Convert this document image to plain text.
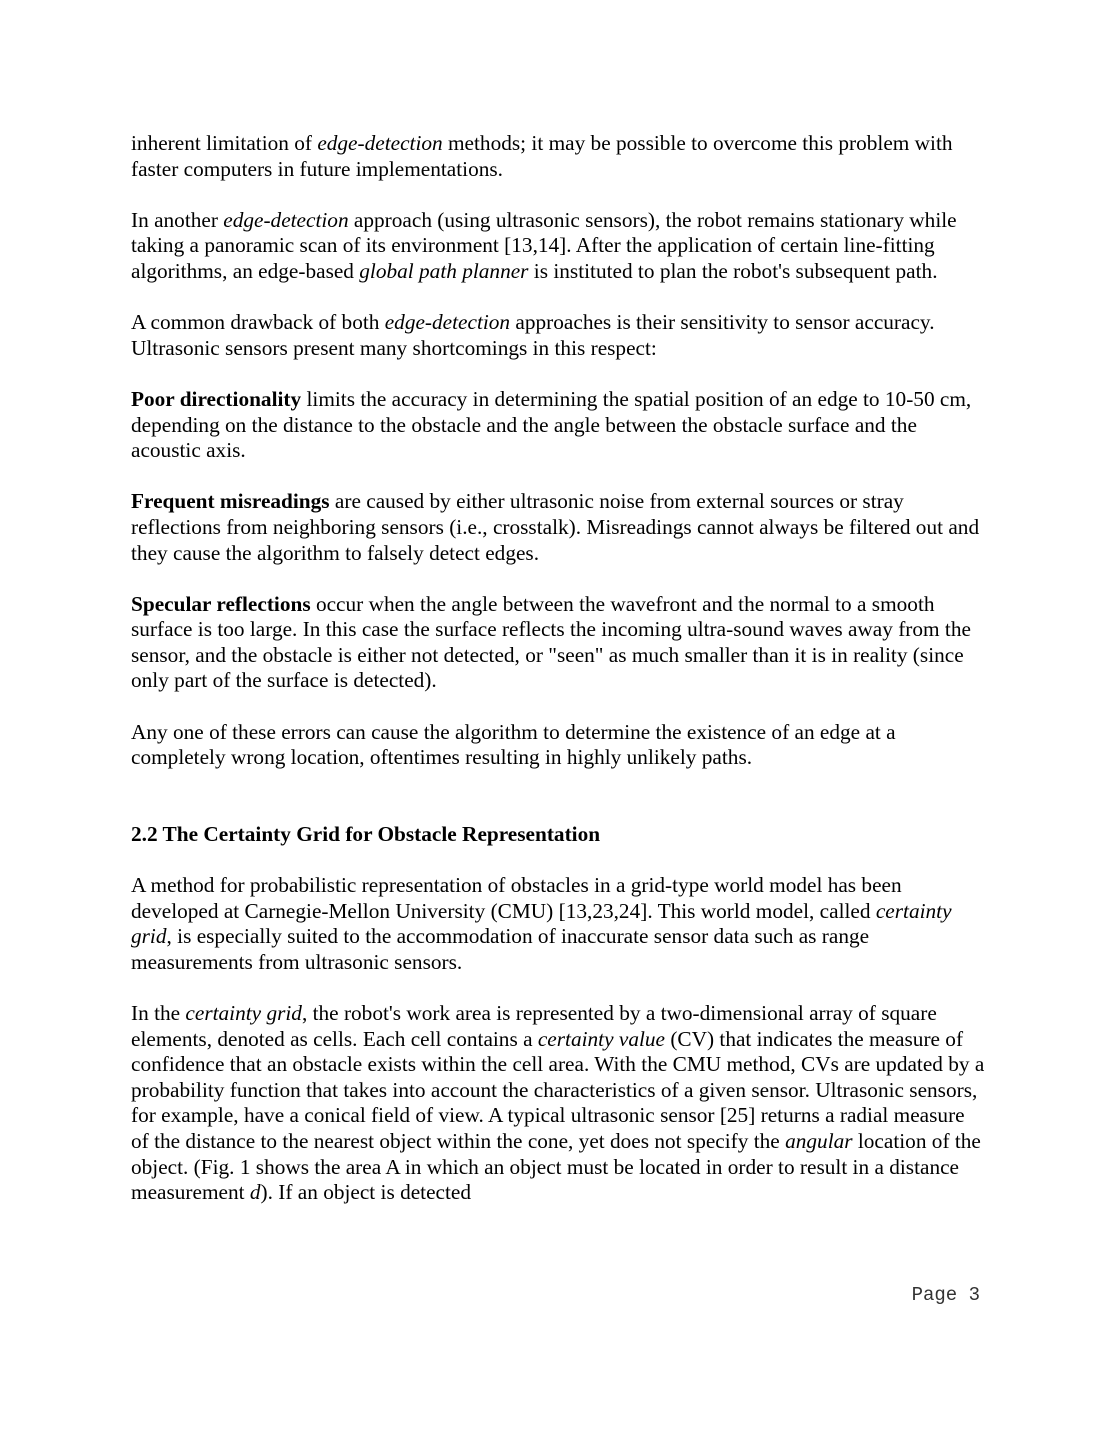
inherent limitation of edge-detection methods; it may be possible to overcome this problem with faster computers in future implementations.

In another edge-detection approach (using ultrasonic sensors), the robot remains stationary while taking a panoramic scan of its environment [13,14]. After the application of certain line-fitting algorithms, an edge-based global path planner is instituted to plan the robot's subsequent path.

A common drawback of both edge-detection approaches is their sensitivity to sensor accuracy. Ultrasonic sensors present many shortcomings in this respect:

Poor directionality limits the accuracy in determining the spatial position of an edge to 10-50 cm, depending on the distance to the obstacle and the angle between the obstacle surface and the acoustic axis.

Frequent misreadings are caused by either ultrasonic noise from external sources or stray reflections from neighboring sensors (i.e., crosstalk). Misreadings cannot always be filtered out and they cause the algorithm to falsely detect edges.

Specular reflections occur when the angle between the wavefront and the normal to a smooth surface is too large. In this case the surface reflects the incoming ultra-sound waves away from the sensor, and the obstacle is either not detected, or "seen" as much smaller than it is in reality (since only part of the surface is detected).

Any one of these errors can cause the algorithm to determine the existence of an edge at a completely wrong location, oftentimes resulting in highly unlikely paths.

2.2 The Certainty Grid for Obstacle Representation

A method for probabilistic representation of obstacles in a grid-type world model has been developed at Carnegie-Mellon University (CMU) [13,23,24]. This world model, called certainty grid, is especially suited to the accommodation of inaccurate sensor data such as range measurements from ultrasonic sensors.

In the certainty grid, the robot's work area is represented by a two-dimensional array of square elements, denoted as cells. Each cell contains a certainty value (CV) that indicates the measure of confidence that an obstacle exists within the cell area. With the CMU method, CVs are updated by a probability function that takes into account the characteristics of a given sensor. Ultrasonic sensors, for example, have a conical field of view. A typical ultrasonic sensor [25] returns a radial measure of the distance to the nearest object within the cone, yet does not specify the angular location of the object. (Fig. 1 shows the area A in which an object must be located in order to result in a distance measurement d). If an object is detected

Page 3
